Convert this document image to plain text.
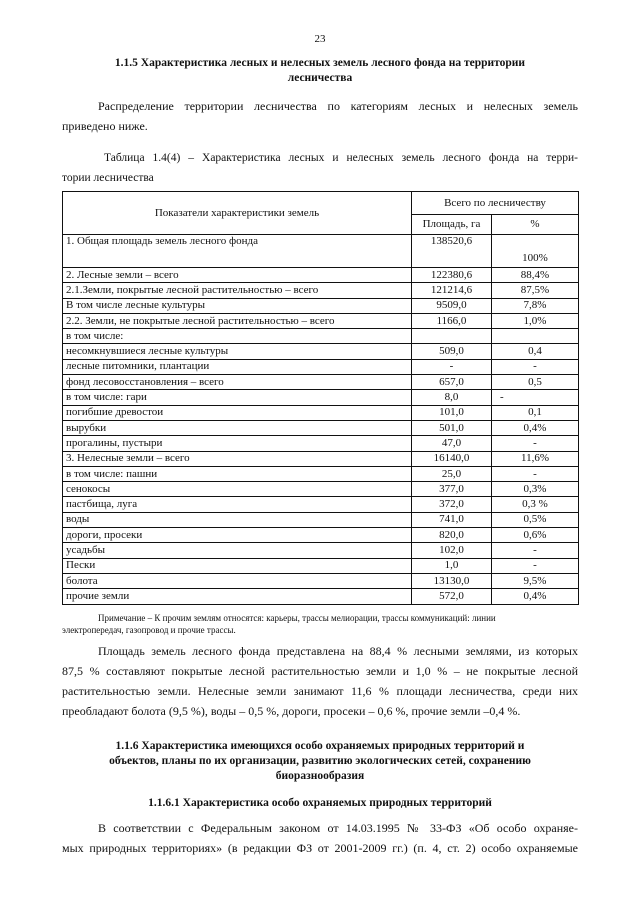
23
1.1.5 Характеристика лесных и нелесных земель лесного фонда на территории
лесничества
Распределение территории лесничества по категориям лесных и нелесных земель
приведено ниже.
Таблица 1.4(4) – Характеристика лесных и нелесных земель лесного фонда на терри-
тории лесничества
Показатели характеристики земель	Всего по лесничеству	
	Площадь, га	%
1. Общая площадь земель лесного фонда	138520,6	100%
2. Лесные земли – всего	122380,6	88,4%
2.1.Земли, покрытые лесной растительностью – всего	121214,6	87,5%
В том числе лесные культуры	9509,0	7,8%
2.2. Земли, не покрытые лесной растительностью – всего	1166,0	1,0%
в том числе:		
несомкнувшиеся лесные культуры	509,0	0,4
лесные питомники, плантации	-	-
фонд лесовосстановления – всего	657,0	0,5
в том числе: гари	8,0	-
погибшие древостои	101,0	0,1
вырубки	501,0	0,4%
прогалины, пустыри	47,0	-
3. Нелесные земли – всего	16140,0	11,6%
в том числе: пашни	25,0	-
сенокосы	377,0	0,3%
пастбища, луга	372,0	0,3 %
воды	741,0	0,5%
дороги, просеки	820,0	0,6%
усадьбы	102,0	-
Пески	1,0	-
болота	13130,0	9,5%
прочие земли	572,0	0,4%
Примечание – К прочим землям относятся: карьеры, трассы мелиорации, трассы коммуникаций: линии
электропередач, газопровод и прочие трассы.
Площадь земель лесного фонда представлена на 88,4 % лесными землями, из которых
87,5 % составляют покрытые лесной растительностью земли и 1,0 % – не покрытые лесной
растительностью земли. Нелесные земли занимают 11,6 % площади лесничества, среди них
преобладают болота (9,5 %), воды – 0,5 %, дороги, просеки – 0,6 %, прочие земли –0,4 %.
1.1.6 Характеристика имеющихся особо охраняемых природных территорий и
объектов, планы по их организации, развитию экологических сетей, сохранению
биоразнообразия
1.1.6.1 Характеристика особо охраняемых природных территорий
В соответствии с Федеральным законом от 14.03.1995 № 33-ФЗ «Об особо охраняе-
мых природных территориях» (в редакции ФЗ от 2001-2009 гг.) (п. 4, ст. 2) особо охраняемые
